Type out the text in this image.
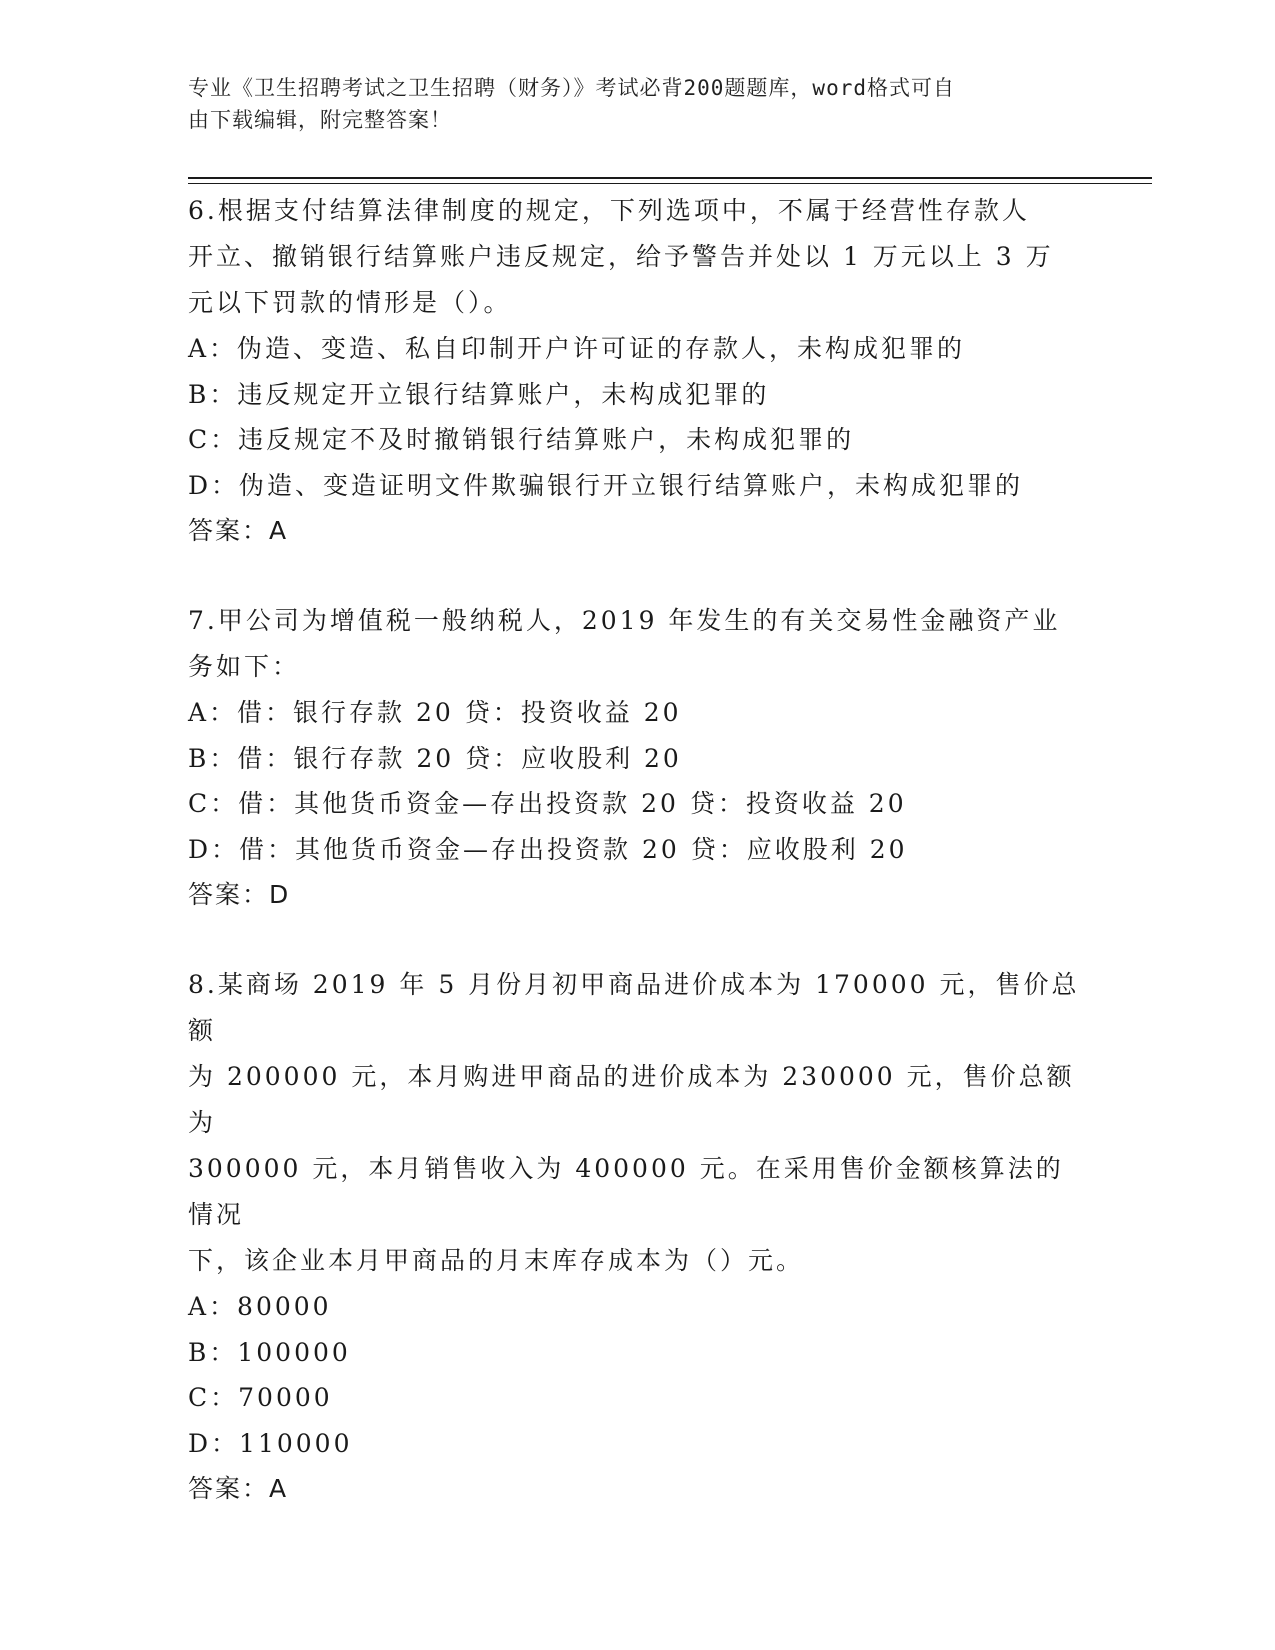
专业《卫生招聘考试之卫生招聘（财务）》考试必背200题题库，word格式可自
由下载编辑，附完整答案！

6.根据支付结算法律制度的规定，下列选项中，不属于经营性存款人

开立、撤销银行结算账户违反规定，给予警告并处以 1 万元以上 3 万

元以下罚款的情形是（）。

A：伪造、变造、私自印制开户许可证的存款人，未构成犯罪的

B：违反规定开立银行结算账户，未构成犯罪的

C：违反规定不及时撤销银行结算账户，未构成犯罪的

D：伪造、变造证明文件欺骗银行开立银行结算账户，未构成犯罪的

答案：A

7.甲公司为增值税一般纳税人，2019 年发生的有关交易性金融资产业

务如下：

A：借：银行存款 20 贷：投资收益 20

B：借：银行存款 20 贷：应收股利 20

C：借：其他货币资金—存出投资款 20 贷：投资收益 20

D：借：其他货币资金—存出投资款 20 贷：应收股利 20

答案：D

8.某商场 2019 年 5 月份月初甲商品进价成本为 170000 元，售价总额

为 200000 元，本月购进甲商品的进价成本为 230000 元，售价总额为

300000 元，本月销售收入为 400000 元。在采用售价金额核算法的情况

下，该企业本月甲商品的月末库存成本为（）元。

A：80000

B：100000

C：70000

D：110000

答案：A
